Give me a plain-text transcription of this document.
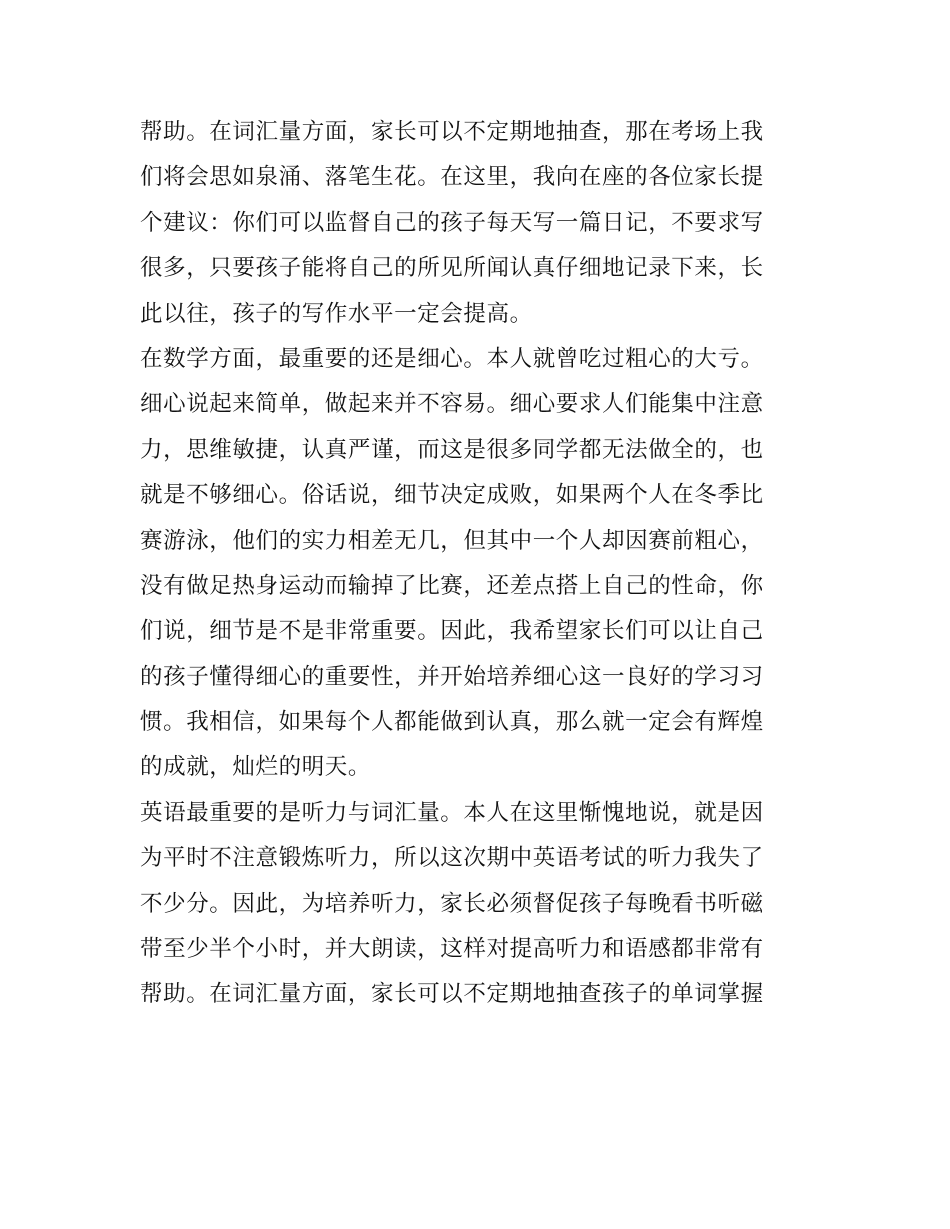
帮助。在词汇量方面，家长可以不定期地抽查，那在考场上我
们将会思如泉涌、落笔生花。在这里，我向在座的各位家长提
个建议：你们可以监督自己的孩子每天写一篇日记，不要求写
很多，只要孩子能将自己的所见所闻认真仔细地记录下来，长
此以往，孩子的写作水平一定会提高。
在数学方面，最重要的还是细心。本人就曾吃过粗心的大亏。
细心说起来简单，做起来并不容易。细心要求人们能集中注意
力，思维敏捷，认真严谨，而这是很多同学都无法做全的，也
就是不够细心。俗话说，细节决定成败，如果两个人在冬季比
赛游泳，他们的实力相差无几，但其中一个人却因赛前粗心，
没有做足热身运动而输掉了比赛，还差点搭上自己的性命，你
们说，细节是不是非常重要。因此，我希望家长们可以让自己
的孩子懂得细心的重要性，并开始培养细心这一良好的学习习
惯。我相信，如果每个人都能做到认真，那么就一定会有辉煌
的成就，灿烂的明天。
英语最重要的是听力与词汇量。本人在这里惭愧地说，就是因
为平时不注意锻炼听力，所以这次期中英语考试的听力我失了
不少分。因此，为培养听力，家长必须督促孩子每晚看书听磁
带至少半个小时，并大朗读，这样对提高听力和语感都非常有
帮助。在词汇量方面，家长可以不定期地抽查孩子的单词掌握
